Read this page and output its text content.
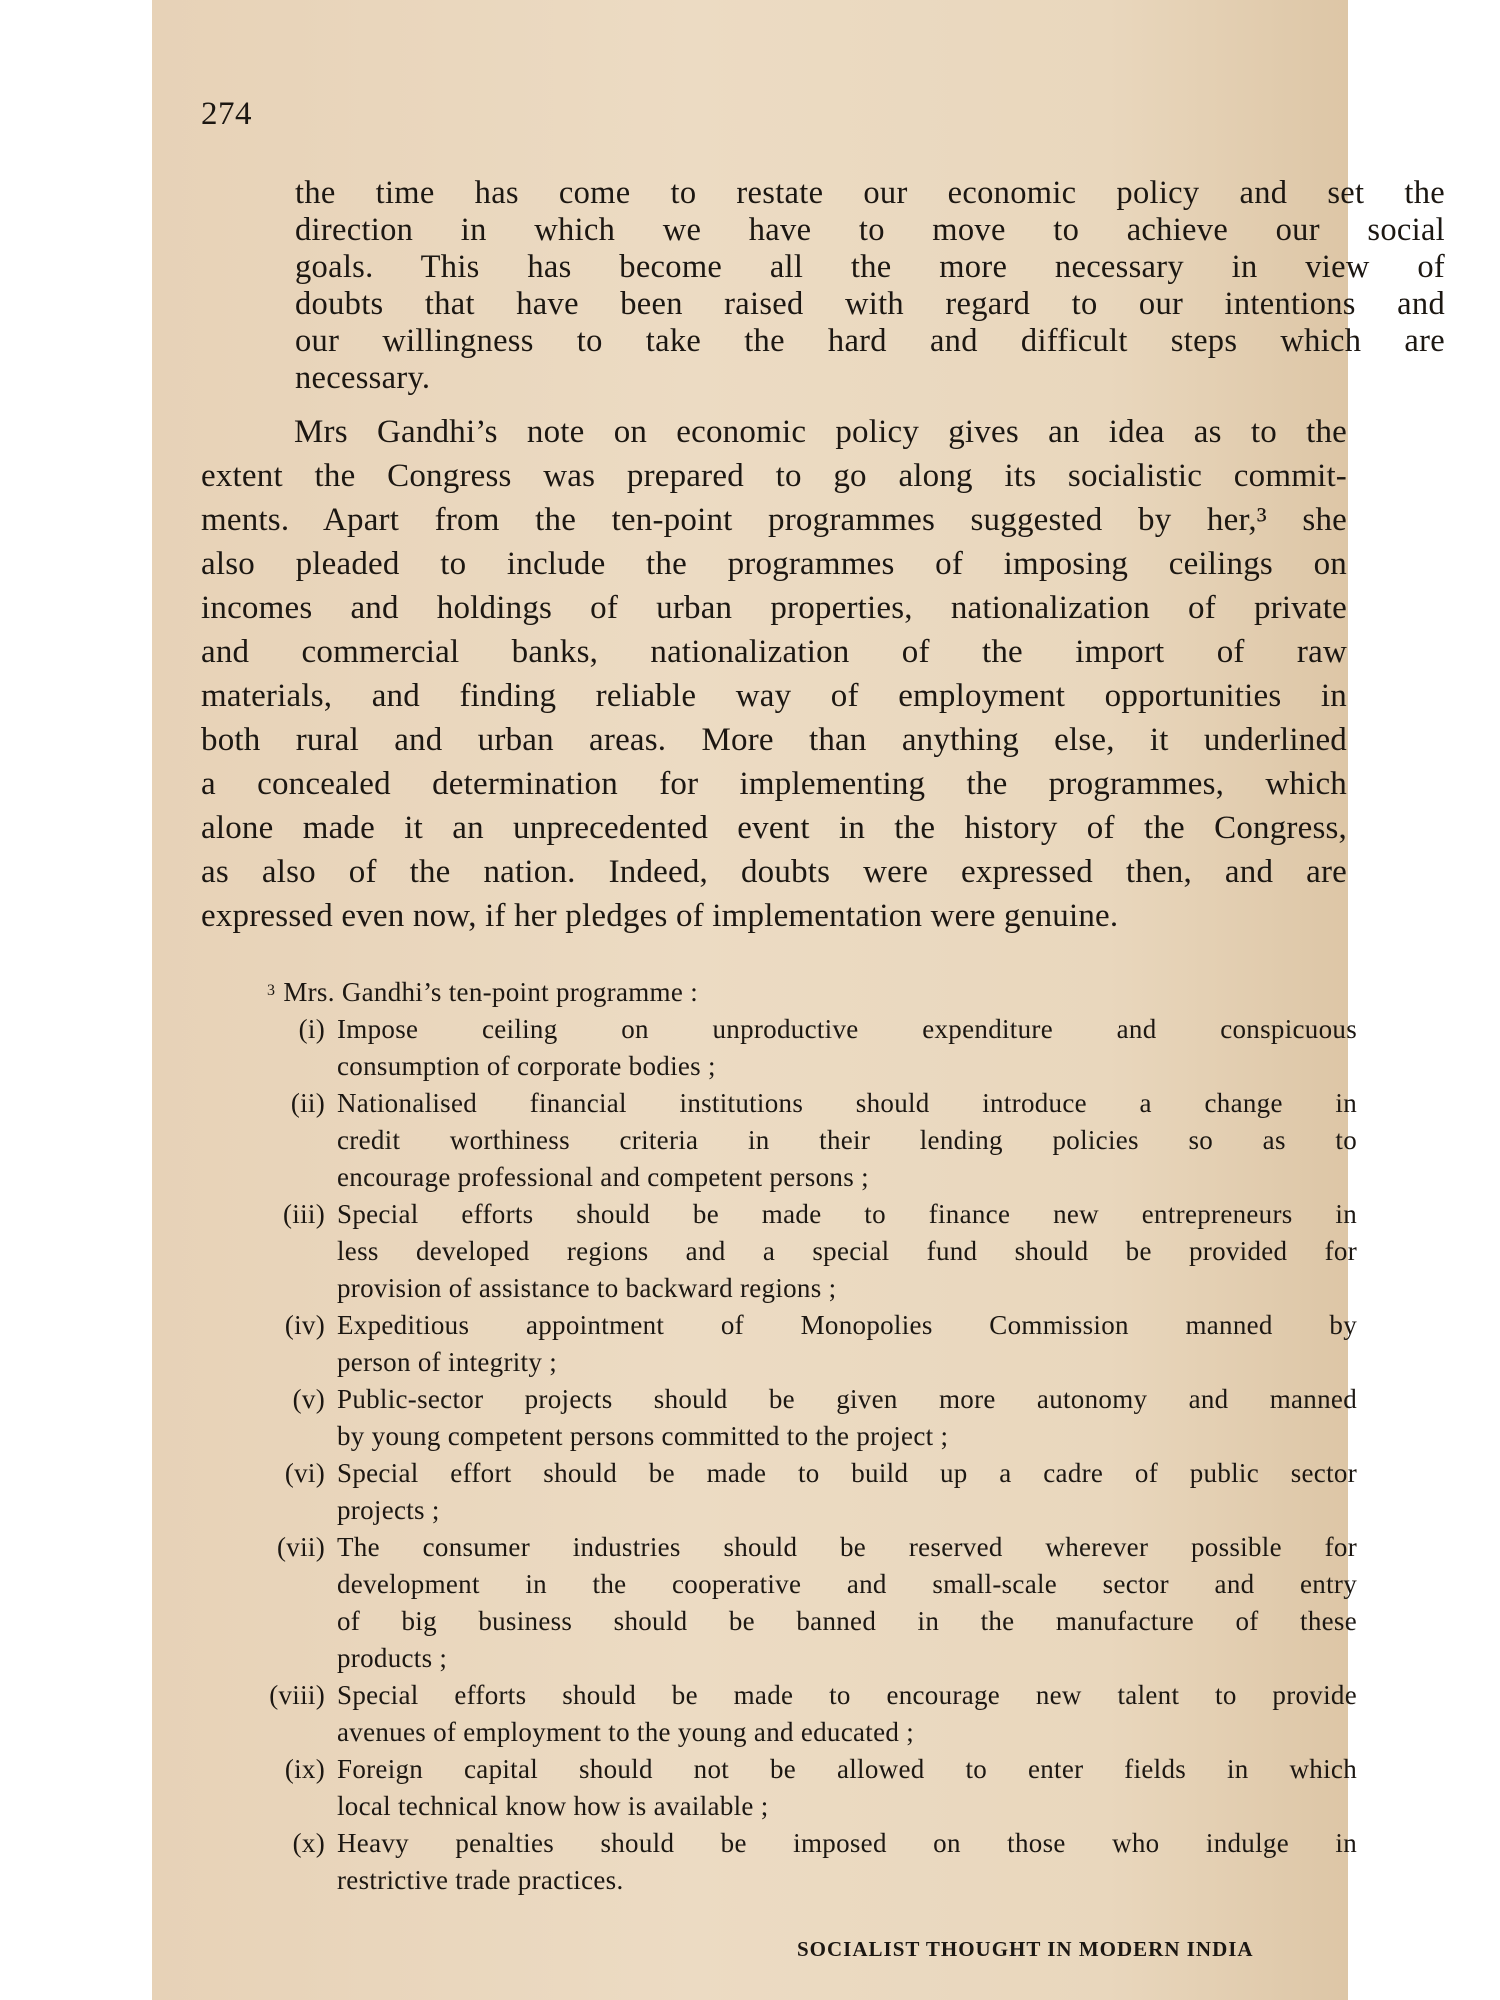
274
the time has come to restate our economic policy and set the
direction in which we have to move to achieve our social
goals. This has become all the more necessary in view of
doubts that have been raised with regard to our intentions and
our willingness to take the hard and difficult steps which are
necessary.
Mrs Gandhi’s note on economic policy gives an idea as to the
extent the Congress was prepared to go along its socialistic commit-
ments. Apart from the ten-point programmes suggested by her,³ she
also pleaded to include the programmes of imposing ceilings on
incomes and holdings of urban properties, nationalization of private
and commercial banks, nationalization of the import of raw
materials, and finding reliable way of employment opportunities in
both rural and urban areas. More than anything else, it underlined
a concealed determination for implementing the programmes, which
alone made it an unprecedented event in the history of the Congress,
as also of the nation. Indeed, doubts were expressed then, and are
expressed even now, if her pledges of implementation were genuine.
$^3$ Mrs. Gandhi’s ten-point programme :
(i) Impose ceiling on unproductive expenditure and conspicuous
consumption of corporate bodies ;
(ii) Nationalised financial institutions should introduce a change in
credit worthiness criteria in their lending policies so as to
encourage professional and competent persons ;
(iii) Special efforts should be made to finance new entrepreneurs in
less developed regions and a special fund should be provided for
provision of assistance to backward regions ;
(iv) Expeditious appointment of Monopolies Commission manned by
person of integrity ;
(v) Public-sector projects should be given more autonomy and manned
by young competent persons committed to the project ;
(vi) Special effort should be made to build up a cadre of public sector
projects ;
(vii) The consumer industries should be reserved wherever possible for
development in the cooperative and small-scale sector and entry
of big business should be banned in the manufacture of these
products ;
(viii) Special efforts should be made to encourage new talent to provide
avenues of employment to the young and educated ;
(ix) Foreign capital should not be allowed to enter fields in which
local technical know how is available ;
(x) Heavy penalties should be imposed on those who indulge in
restrictive trade practices.
SOCIALIST THOUGHT IN MODERN INDIA
